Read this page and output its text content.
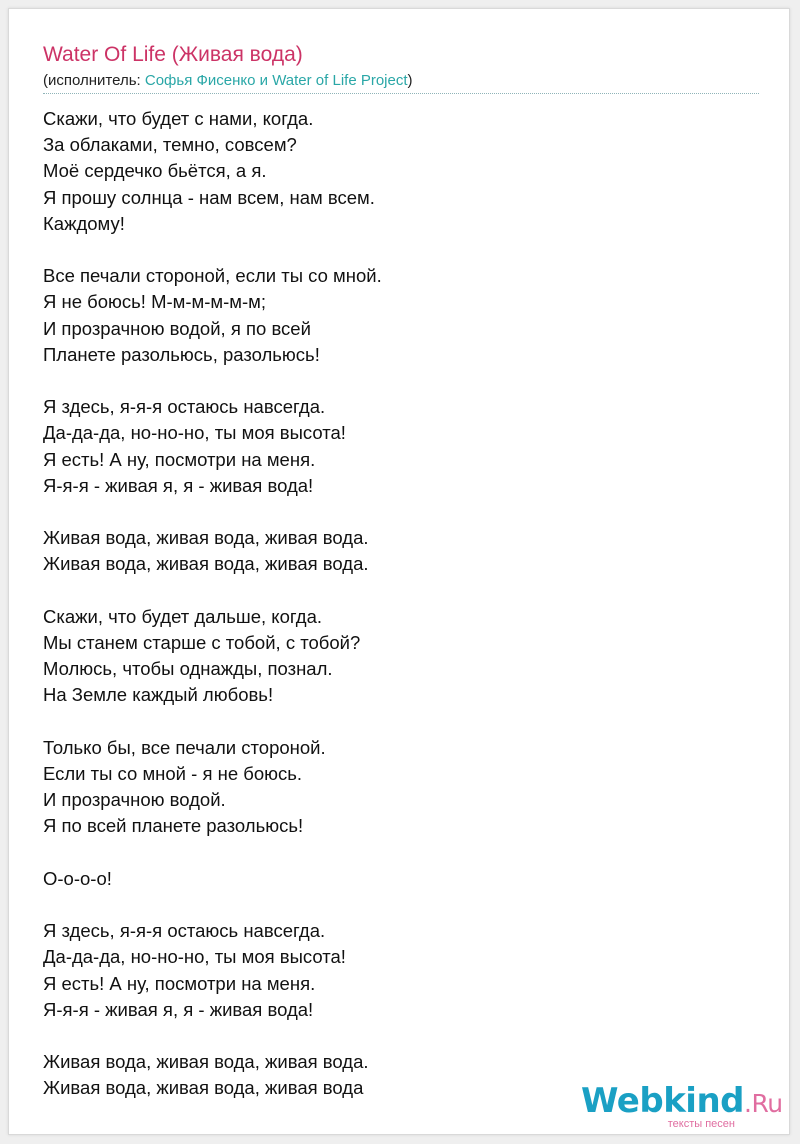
Water Of Life (Живая вода)
(исполнитель: Софья Фисенко и Water of Life Project)
Скажи, что будет с нами, когда.
За облаками, темно, совсем?
Моё сердечко бьётся, а я.
Я прошу солнца - нам всем, нам всем.
Каждому!
Все печали стороной, если ты со мной.
Я не боюсь! М-м-м-м-м-м;
И прозрачною водой, я по всей
Планете разольюсь, разольюсь!
Я здесь, я-я-я остаюсь навсегда.
Да-да-да, но-но-но, ты моя высота!
Я есть! А ну, посмотри на меня.
Я-я-я - живая я, я - живая вода!
Живая вода, живая вода, живая вода.
Живая вода, живая вода, живая вода.
Скажи, что будет дальше, когда.
Мы станем старше с тобой, с тобой?
Молюсь, чтобы однажды, познал.
На Земле каждый любовь!
Только бы, все печали стороной.
Если ты со мной - я не боюсь.
И прозрачною водой.
Я по всей планете разольюсь!
О-о-о-о!
Я здесь, я-я-я остаюсь навсегда.
Да-да-да, но-но-но, ты моя высота!
Я есть! А ну, посмотри на меня.
Я-я-я - живая я, я - живая вода!
Живая вода, живая вода, живая вода.
Живая вода, живая вода, живая вода	Webkind.Ru
тексты песен
